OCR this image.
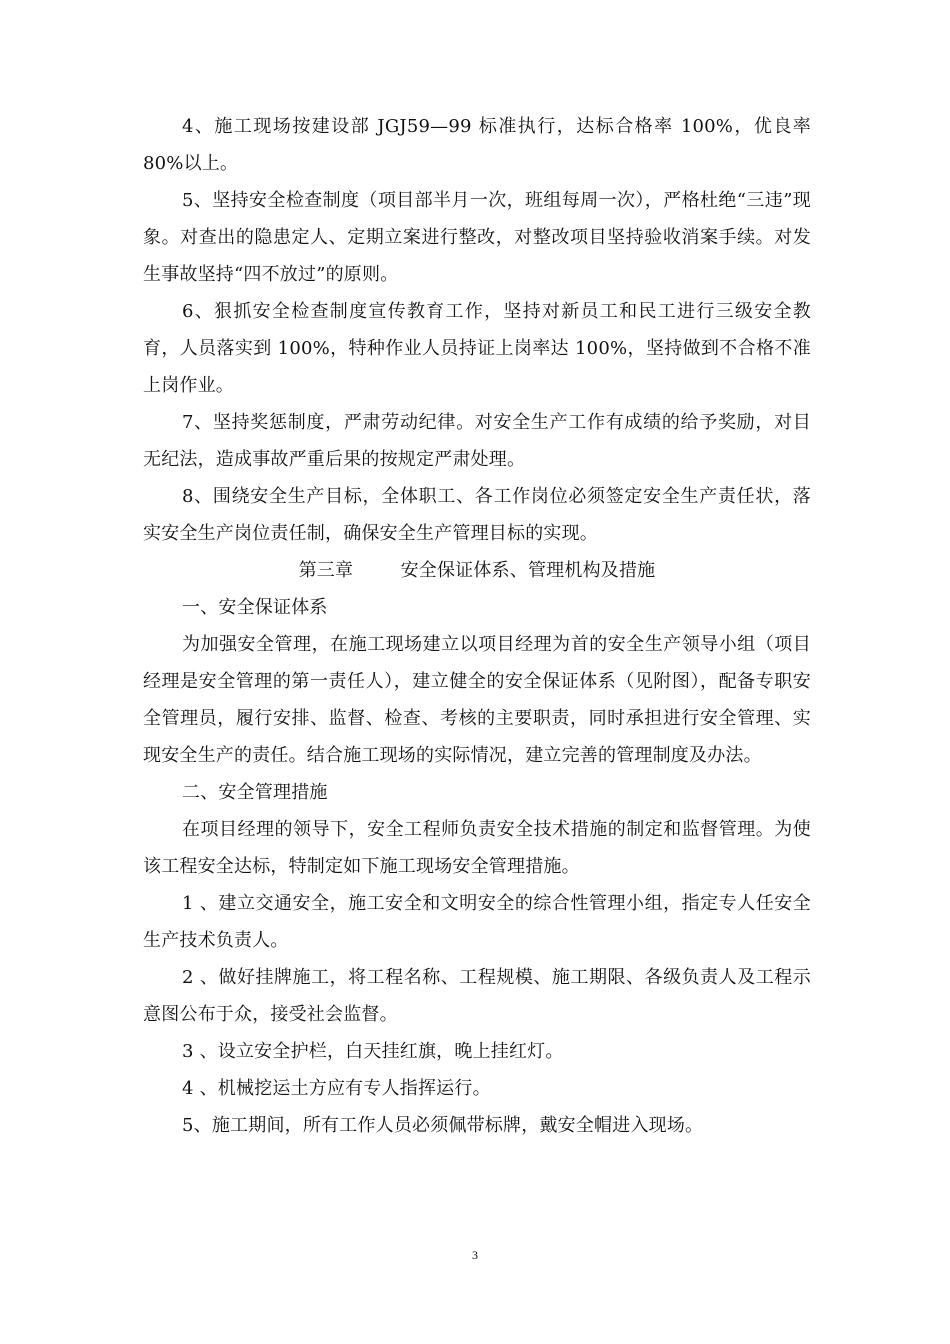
4、施工现场按建设部 JGJ59—99 标准执行，达标合格率 100%，优良率 80%以上。

5、坚持安全检查制度（项目部半月一次，班组每周一次），严格杜绝“三违”现象。对查出的隐患定人、定期立案进行整改，对整改项目坚持验收消案手续。对发生事故坚持“四不放过”的原则。

6、狠抓安全检查制度宣传教育工作，坚持对新员工和民工进行三级安全教育，人员落实到 100%，特种作业人员持证上岗率达 100%，坚持做到不合格不准上岗作业。

7、坚持奖惩制度，严肃劳动纪律。对安全生产工作有成绩的给予奖励，对目无纪法，造成事故严重后果的按规定严肃处理。

8、围绕安全生产目标，全体职工、各工作岗位必须签定安全生产责任状，落实安全生产岗位责任制，确保安全生产管理目标的实现。

第三章        安全保证体系、管理机构及措施

一、安全保证体系

为加强安全管理，在施工现场建立以项目经理为首的安全生产领导小组（项目经理是安全管理的第一责任人），建立健全的安全保证体系（见附图），配备专职安全管理员，履行安排、监督、检查、考核的主要职责，同时承担进行安全管理、实现安全生产的责任。结合施工现场的实际情况，建立完善的管理制度及办法。

二、安全管理措施

在项目经理的领导下，安全工程师负责安全技术措施的制定和监督管理。为使该工程安全达标，特制定如下施工现场安全管理措施。

1 、建立交通安全，施工安全和文明安全的综合性管理小组，指定专人任安全生产技术负责人。

2 、做好挂牌施工，将工程名称、工程规模、施工期限、各级负责人及工程示意图公布于众，接受社会监督。

3 、设立安全护栏，白天挂红旗，晚上挂红灯。

4 、机械挖运土方应有专人指挥运行。

5、施工期间，所有工作人员必须佩带标牌，戴安全帽进入现场。

3
